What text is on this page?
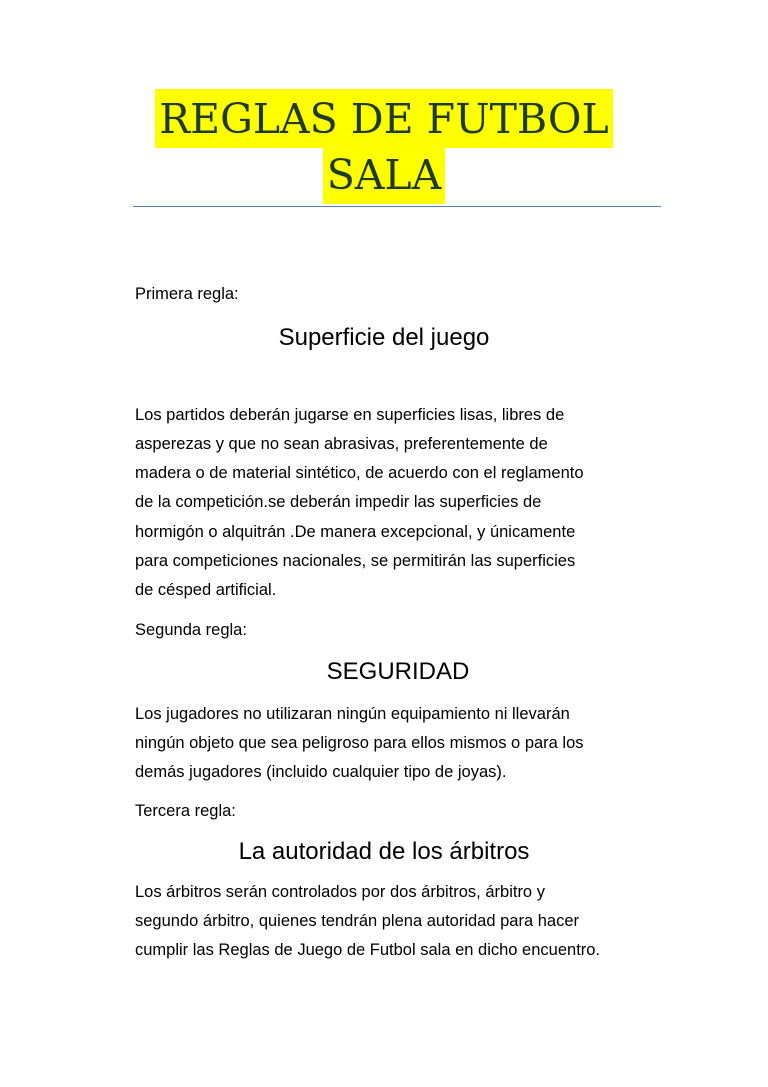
REGLAS DE FUTBOL
SALA
Primera regla:
Superficie del juego
Los partidos deberán jugarse en superficies lisas, libres de
asperezas y que no sean abrasivas, preferentemente de
madera o de material sintético, de acuerdo con el reglamento
de la competición.se deberán impedir las superficies de
hormigón o alquitrán .De manera excepcional, y únicamente
para competiciones nacionales, se permitirán las superficies
de césped artificial.
Segunda regla:
SEGURIDAD
Los jugadores no utilizaran ningún equipamiento ni llevarán
ningún objeto que sea peligroso para ellos mismos o para los
demás jugadores (incluido cualquier tipo de joyas).
Tercera regla:
La autoridad de los árbitros
Los árbitros serán controlados por dos árbitros, árbitro y
segundo árbitro, quienes tendrán plena autoridad para hacer
cumplir las Reglas de Juego de Futbol sala en dicho encuentro.
